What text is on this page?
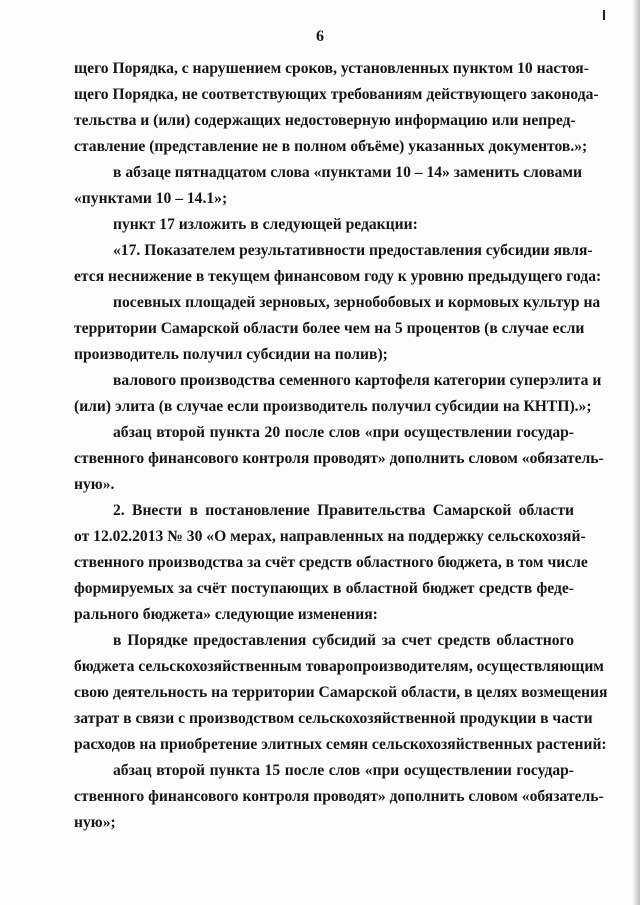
6
щего Порядка, с нарушением сроков, установленных пунктом 10 настоя-
щего Порядка, не соответствующих требованиям действующего законода-
тельства и (или) содержащих недостоверную информацию или непред-
ставление (представление не в полном объёме) указанных документов.»;
в абзаце пятнадцатом слова «пунктами 10 – 14» заменить словами
«пунктами 10 – 14.1»;
пункт 17 изложить в следующей редакции:
«17. Показателем результативности предоставления субсидии явля-
ется неснижение в текущем финансовом году к уровню предыдущего года:
посевных площадей зерновых, зернобобовых и кормовых культур на
территории Самарской области более чем на 5 процентов (в случае если
производитель получил субсидии на полив);
валового производства семенного картофеля категории суперэлита и
(или) элита (в случае если производитель получил субсидии на КНТП).»;
абзац второй пункта 20 после слов «при осуществлении государ-
ственного финансового контроля проводят» дополнить словом «обязатель-
ную».
2. Внести в постановление Правительства Самарской области
от 12.02.2013 № 30 «О мерах, направленных на поддержку сельскохозяй-
ственного производства за счёт средств областного бюджета, в том числе
формируемых за счёт поступающих в областной бюджет средств феде-
рального бюджета» следующие изменения:
в Порядке предоставления субсидий за счет средств областного
бюджета сельскохозяйственным товаропроизводителям, осуществляющим
свою деятельность на территории Самарской области, в целях возмещения
затрат в связи с производством сельскохозяйственной продукции в части
расходов на приобретение элитных семян сельскохозяйственных растений:
абзац второй пункта 15 после слов «при осуществлении государ-
ственного финансового контроля проводят» дополнить словом «обязатель-
ную»;
